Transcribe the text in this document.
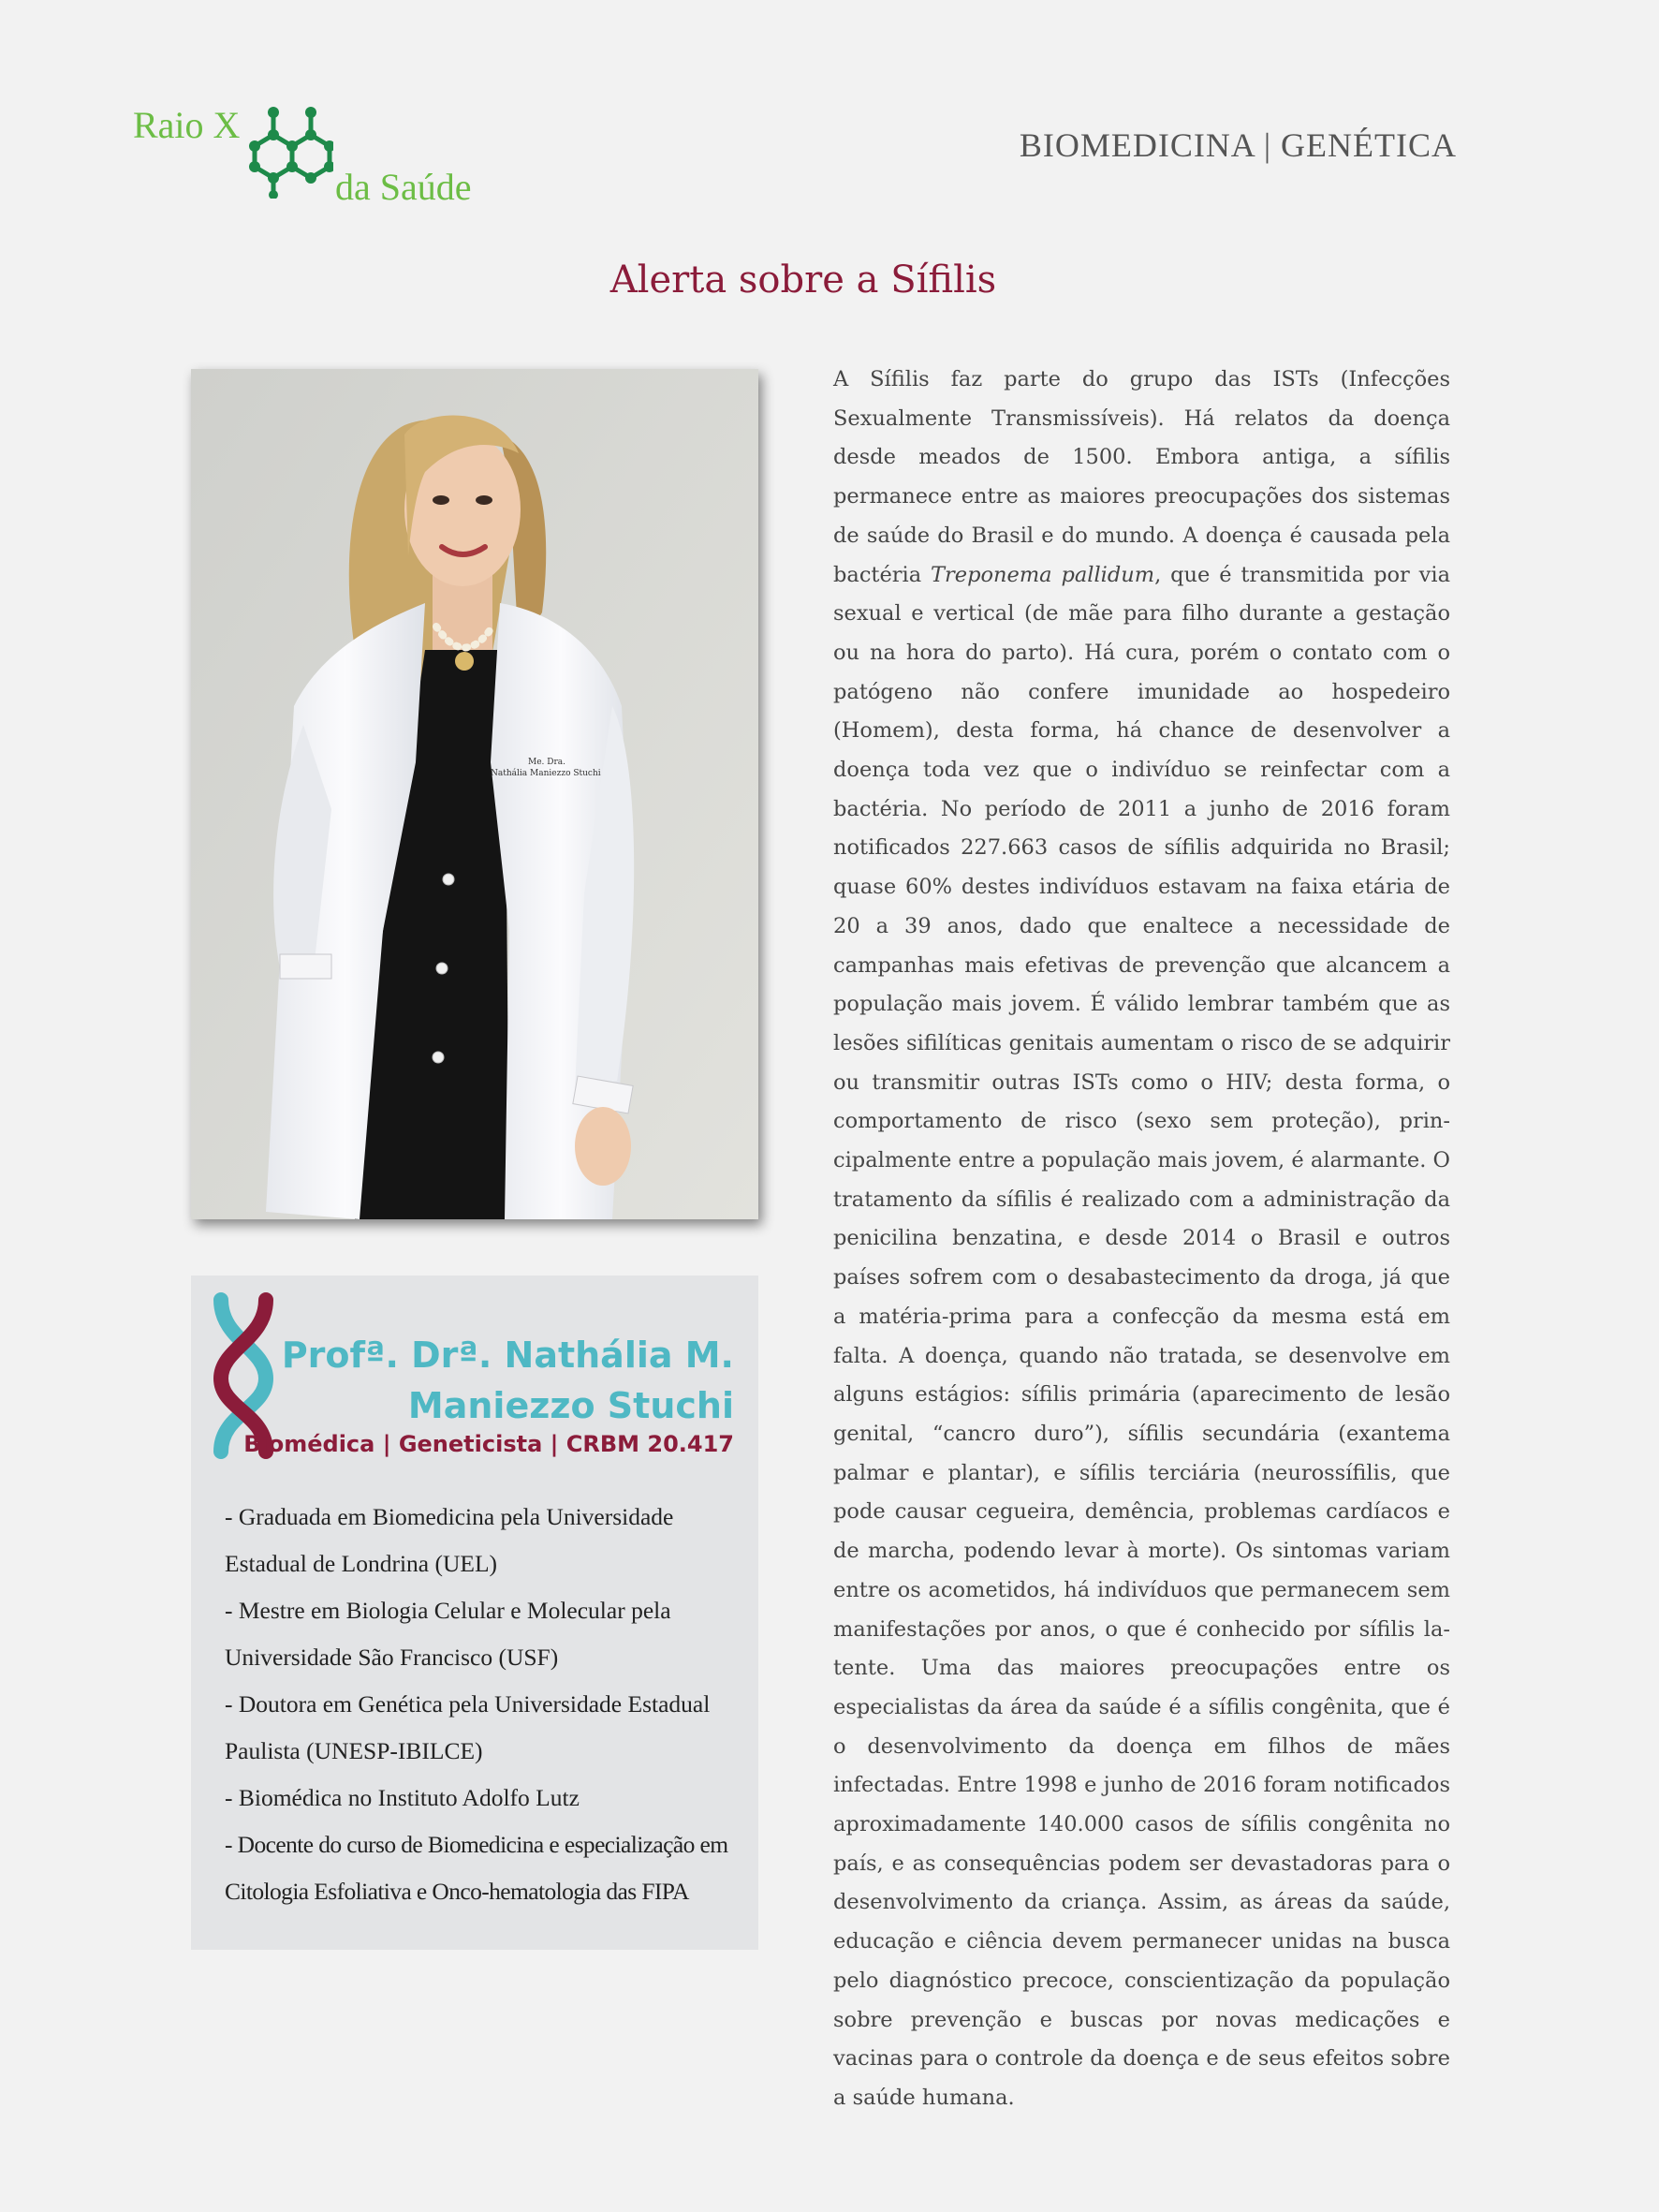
Raio X
da Saúde
BIOMEDICINA | GENÉTICA
Alerta sobre a Sífilis
Me. Dra.
Nathália Maniezzo Stuchi
Profª. Drª. Nathália M.
Maniezzo Stuchi
Biomédica | Geneticista | CRBM 20.417
- Graduada em Biomedicina pela Universidade Estadual de Londrina (UEL)
- Mestre em Biologia Celular e Molecular pela Universidade São Francisco (USF)
- Doutora em Genética pela Universidade Estadual Paulista (UNESP-IBILCE)
- Biomédica no Instituto Adolfo Lutz
- Docente do curso de Biomedicina e especialização em Citologia Esfoliativa e Onco-hematologia das FIPA
A Sífilis faz parte do grupo das ISTs (Infecções Sexualmente Transmissíveis). Há relatos da doença desde meados de 1500. Embora antiga, a sífilis permanece entre as maiores preocupações dos sistemas de saúde do Brasil e do mundo. A doença é causada pela bactéria Treponema pallidum, que é transmitida por via sexual e vertical (de mãe para filho durante a gestação ou na hora do parto). Há cura, porém o contato com o patógeno não confere imunidade ao hospedeiro (Homem), desta forma, há chance de desenvolver a doença toda vez que o indivíduo se reinfectar com a bactéria. No período de 2011 a junho de 2016 foram notificados 227.663 casos de sífilis adquirida no Brasil; quase 60% destes indivíduos estavam na faixa etária de 20 a 39 anos, dado que enaltece a necessidade de campanhas mais efetivas de prevenção que alcancem a população mais jovem. É válido lembrar também que as lesões sifilíticas genitais aumentam o risco de se adquirir ou transmitir outras ISTs como o HIV; desta forma, o comportamento de risco (sexo sem proteção), principalmente entre a população mais jovem, é alarmante. O tratamento da sífilis é realizado com a administração da penicilina benzatina, e desde 2014 o Brasil e outros países sofrem com o desabastecimento da droga, já que a matéria-prima para a confecção da mesma está em falta. A doença, quando não tratada, se desenvolve em alguns estágios: sífilis primária (aparecimento de lesão genital, “cancro duro”), sífilis secundária (exantema palmar e plantar), e sífilis terciária (neurossífilis, que pode causar cegueira, demência, problemas cardíacos e de marcha, podendo levar à morte). Os sintomas variam entre os acometidos, há indivíduos que permanecem sem manifestações por anos, o que é conhecido por sífilis latente. Uma das maiores preocupações entre os especialistas da área da saúde é a sífilis congênita, que é o desenvolvimento da doença em filhos de mães infectadas. Entre 1998 e junho de 2016 foram notificados aproximadamente 140.000 casos de sífilis congênita no país, e as consequências podem ser devastadoras para o desenvolvimento da criança. Assim, as áreas da saúde, educação e ciência devem permanecer unidas na busca pelo diagnóstico precoce, conscientização da população sobre prevenção e buscas por novas medicações e vacinas para o controle da doença e de seus efeitos sobre a saúde humana.
